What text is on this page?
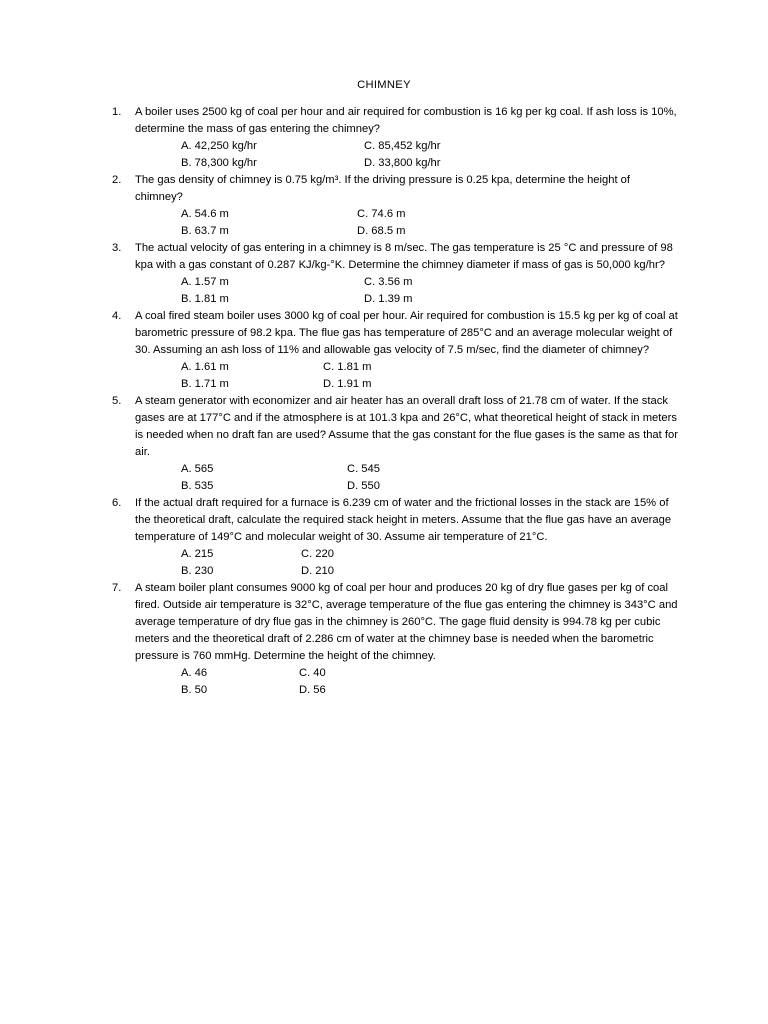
CHIMNEY
1. A boiler uses 2500 kg of coal per hour and air required for combustion is 16 kg per kg coal. If ash loss is 10%, determine the mass of gas entering the chimney?
A. 42,250 kg/hr	C. 85,452 kg/hr
B. 78,300 kg/hr	D. 33,800 kg/hr
2. The gas density of chimney is 0.75 kg/m³. If the driving pressure is 0.25 kpa, determine the height of chimney?
A. 54.6 m	C. 74.6 m
B. 63.7 m	D. 68.5 m
3. The actual velocity of gas entering in a chimney is 8 m/sec. The gas temperature is 25 °C and pressure of 98 kpa with a gas constant of 0.287 KJ/kg-°K. Determine the chimney diameter if mass of gas is 50,000 kg/hr?
A. 1.57 m	C. 3.56 m
B. 1.81 m	D. 1.39 m
4. A coal fired steam boiler uses 3000 kg of coal per hour. Air required for combustion is 15.5 kg per kg of coal at barometric pressure of 98.2 kpa. The flue gas has temperature of 285°C and an average molecular weight of 30. Assuming an ash loss of 11% and allowable gas velocity of 7.5 m/sec, find the diameter of chimney?
A. 1.61 m	C. 1.81 m
B. 1.71 m	D. 1.91 m
5. A steam generator with economizer and air heater has an overall draft loss of 21.78 cm of water. If the stack gases are at 177°C and if the atmosphere is at 101.3 kpa and 26°C, what theoretical height of stack in meters is needed when no draft fan are used? Assume that the gas constant for the flue gases is the same as that for air.
A. 565	C. 545
B. 535	D. 550
6. If the actual draft required for a furnace is 6.239 cm of water and the frictional losses in the stack are 15% of the theoretical draft, calculate the required stack height in meters. Assume that the flue gas have an average temperature of 149°C and molecular weight of 30. Assume air temperature of 21°C.
A. 215	C. 220
B. 230	D. 210
7. A steam boiler plant consumes 9000 kg of coal per hour and produces 20 kg of dry flue gases per kg of coal fired. Outside air temperature is 32°C, average temperature of the flue gas entering the chimney is 343°C and average temperature of dry flue gas in the chimney is 260°C. The gage fluid density is 994.78 kg per cubic meters and the theoretical draft of 2.286 cm of water at the chimney base is needed when the barometric pressure is 760 mmHg. Determine the height of the chimney.
A. 46	C. 40
B. 50	D. 56
